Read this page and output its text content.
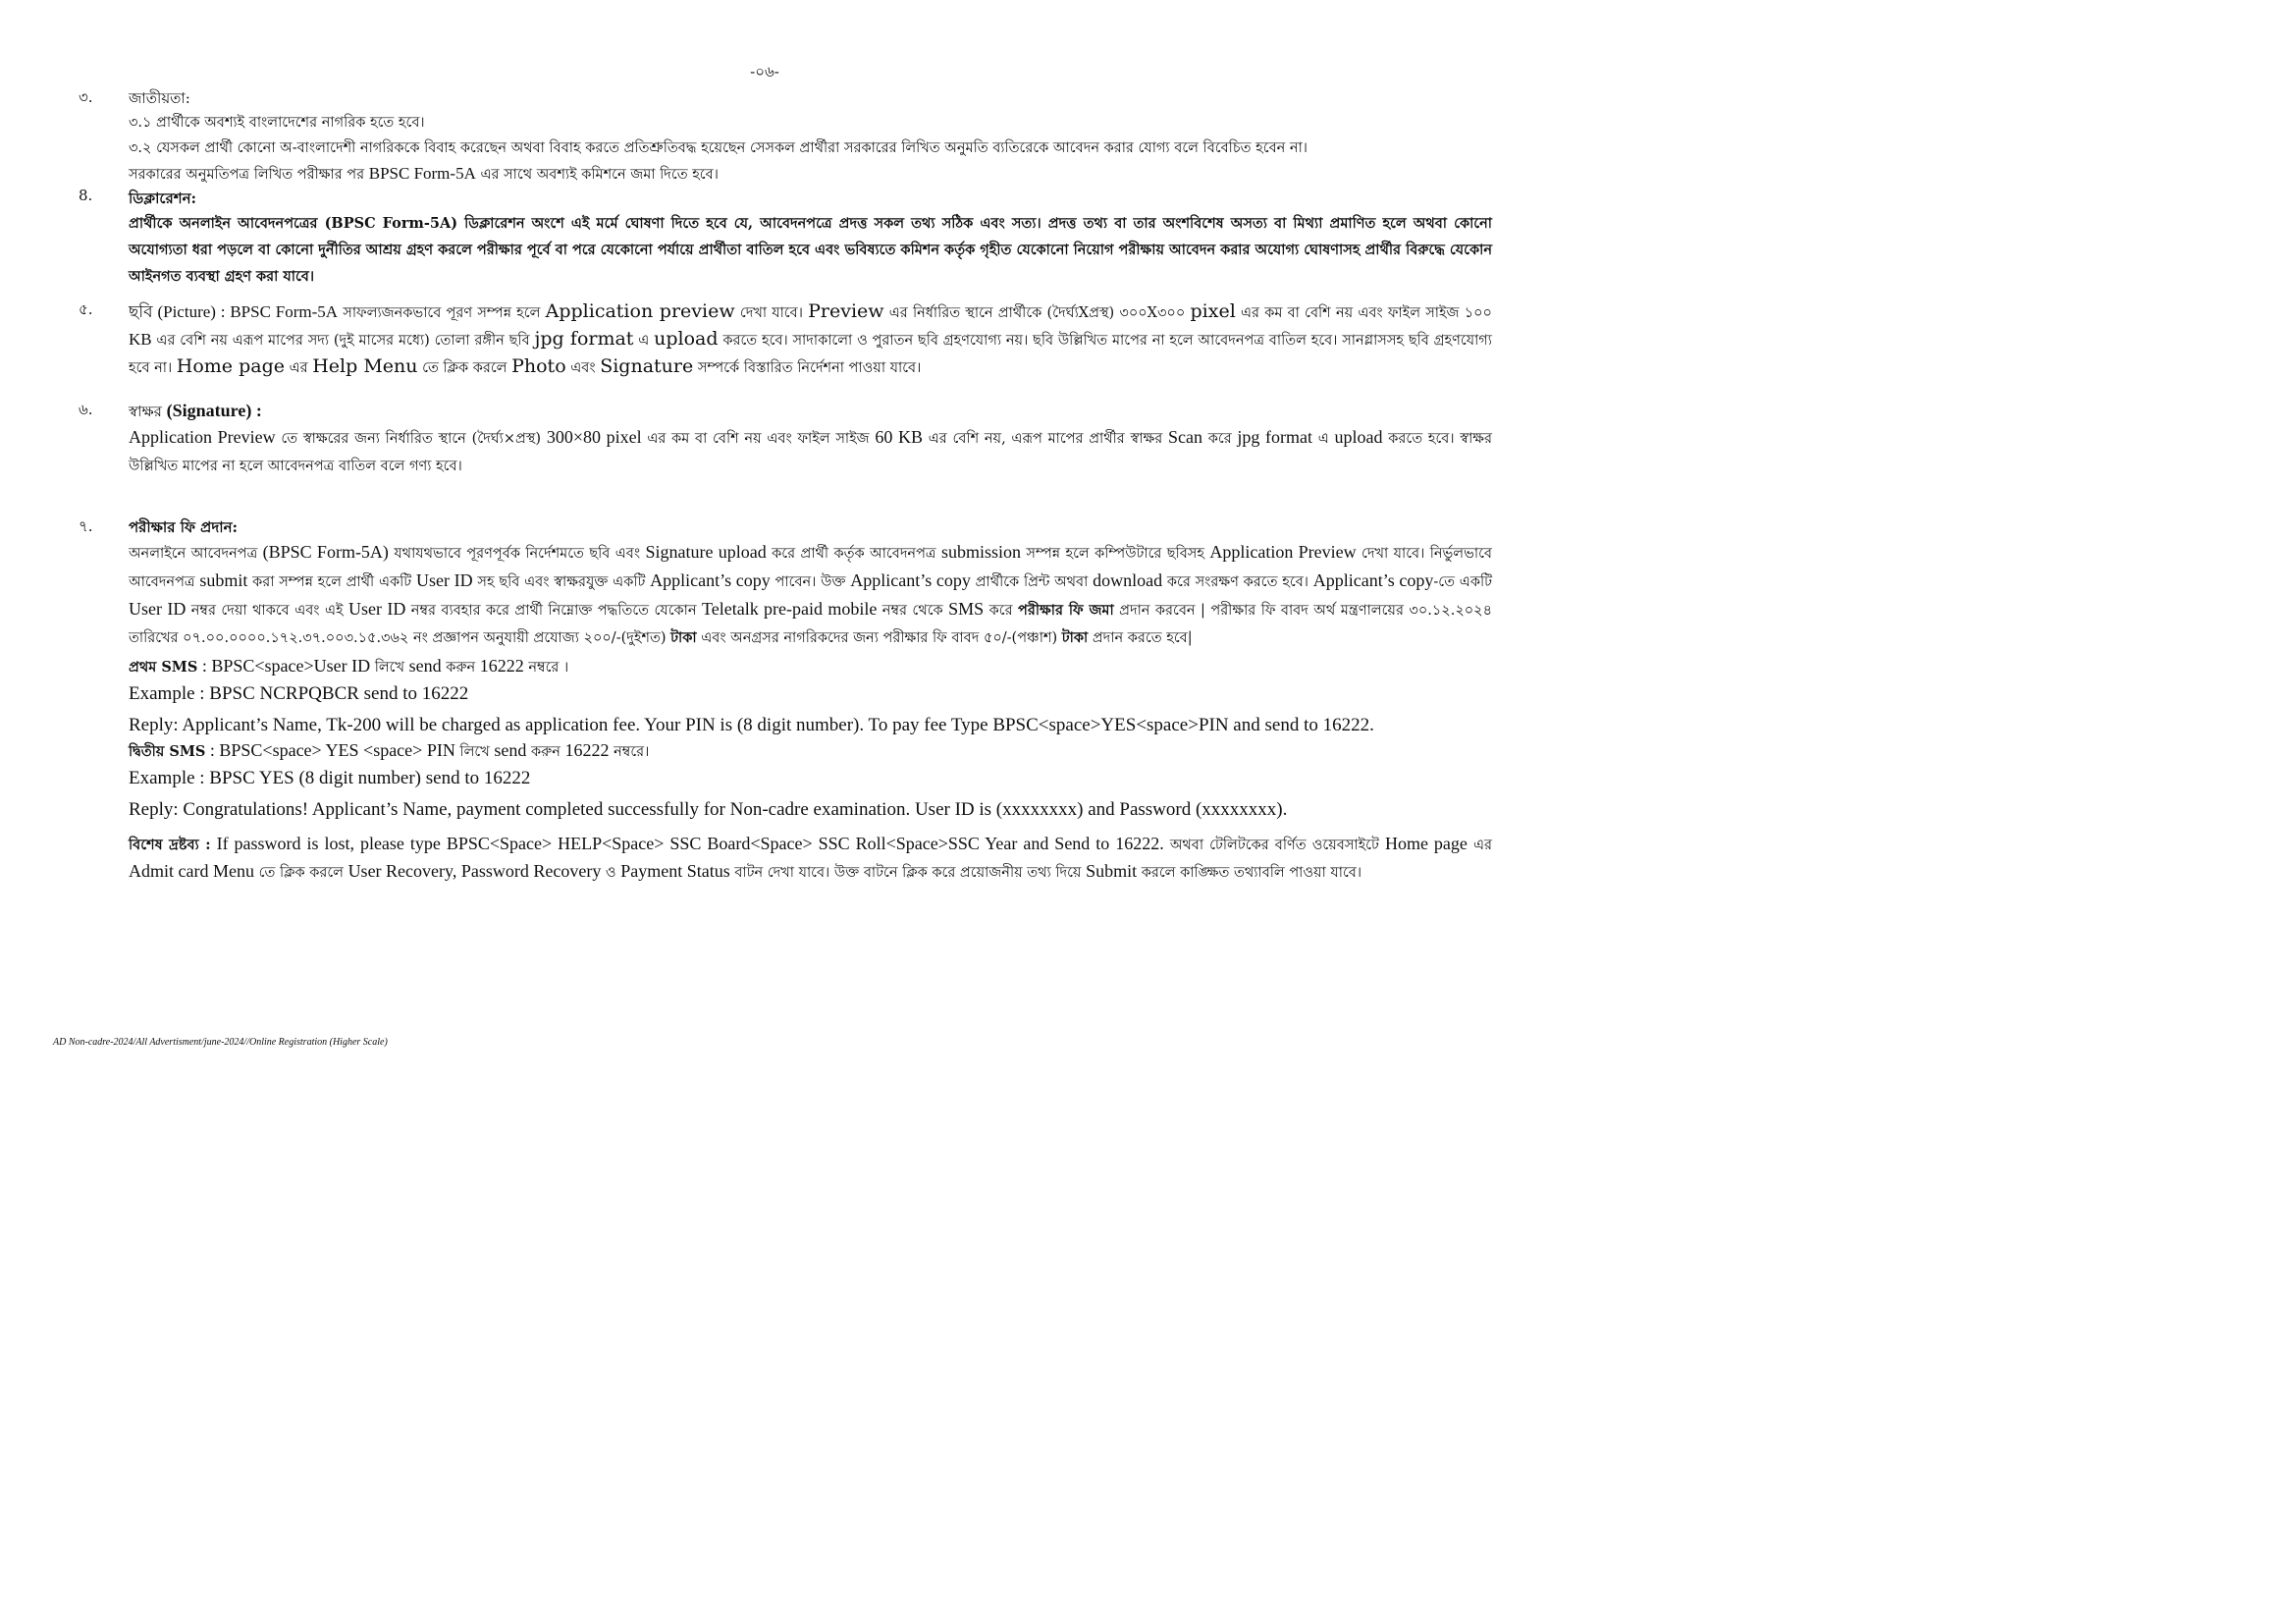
-০৬-
৩. জাতীয়তা:

৩.১ প্রার্থীকে অবশ্যই বাংলাদেশের নাগরিক হতে হবে।

৩.২ যেসকল প্রার্থী কোনো অ-বাংলাদেশী নাগরিককে বিবাহ করেছেন অথবা বিবাহ করতে প্রতিশ্রুতিবদ্ধ হয়েছেন সেসকল প্রার্থীরা সরকারের লিখিত অনুমতি ব্যতিরেকে আবেদন করার যোগ্য বলে বিবেচিত হবেন না।

সরকারের অনুমতিপত্র লিখিত পরীক্ষার পর BPSC Form-5A এর সাথে অবশ্যই কমিশনে জমা দিতে হবে।

8. ডিক্লারেশন:

প্রার্থীকে অনলাইন আবেদনপত্রের (BPSC Form-5A) ডিক্লারেশন অংশে এই মর্মে ঘোষণা দিতে হবে যে, আবেদনপত্রে প্রদত্ত সকল তথ্য সঠিক এবং সত্য। প্রদত্ত তথ্য বা তার অংশবিশেষ অসত্য বা মিথ্যা প্রমাণিত হলে অথবা কোনো অযোগ্যতা ধরা পড়লে বা কোনো দুর্নীতির আশ্রয় গ্রহণ করলে পরীক্ষার পূর্বে বা পরে যেকোনো পর্যায়ে প্রার্থীতা বাতিল হবে এবং ভবিষ্যতে কমিশন কর্তৃক গৃহীত যেকোনো নিয়োগ পরীক্ষায় আবেদন করার অযোগ্য ঘোষণাসহ প্রার্থীর বিরুদ্ধে যেকোন আইনগত ব্যবস্থা গ্রহণ করা যাবে।

৫. ছবি (Picture) : BPSC Form-5A সাফল্যজনকভাবে পূরণ সম্পন্ন হলে Application preview দেখা যাবে। Preview এর নির্ধারিত স্থানে প্রার্থীকে (দৈর্ঘ্যXপ্রস্থ) ৩০০X৩০০ pixel এর কম বা বেশি নয় এবং ফাইল সাইজ ১০০ KB এর বেশি নয় এরূপ মাপের সদ্য (দুই মাসের মধ্যে) তোলা রঙ্গীন ছবি jpg format এ upload করতে হবে। সাদাকালো ও পুরাতন ছবি গ্রহণযোগ্য নয়। ছবি উল্লিখিত মাপের না হলে আবেদনপত্র বাতিল হবে। সানগ্লাসসহ ছবি গ্রহণযোগ্য হবে না। Home page এর Help Menu তে ক্লিক করলে Photo এবং Signature সম্পর্কে বিস্তারিত নির্দেশনা পাওয়া যাবে।

৬. স্বাক্ষর (Signature) :

Application Preview তে স্বাক্ষরের জন্য নির্ধারিত স্থানে (দৈর্ঘ্য×প্রস্থ) 300×80 pixel এর কম বা বেশি নয় এবং ফাইল সাইজ 60 KB এর বেশি নয়, এরূপ মাপের প্রার্থীর স্বাক্ষর Scan করে jpg format এ upload করতে হবে। স্বাক্ষর উল্লিখিত মাপের না হলে আবেদনপত্র বাতিল বলে গণ্য হবে।

৭. পরীক্ষার ফি প্রদান:

অনলাইনে আবেদনপত্র (BPSC Form-5A) যথাযথভাবে পূরণপূর্বক নির্দেশমতে ছবি এবং Signature upload করে প্রার্থী কর্তৃক আবেদনপত্র submission সম্পন্ন হলে কম্পিউটারে ছবিসহ Application Preview দেখা যাবে। নির্ভুলভাবে আবেদনপত্র submit করা সম্পন্ন হলে প্রার্থী একটি User ID সহ ছবি এবং স্বাক্ষরযুক্ত একটি Applicant’s copy পাবেন। উক্ত Applicant’s copy প্রার্থীকে প্রিন্ট অথবা download করে সংরক্ষণ করতে হবে। Applicant’s copy-তে একটি User ID নম্বর দেয়া থাকবে এবং এই User ID নম্বর ব্যবহার করে প্রার্থী নিম্নোক্ত পদ্ধতিতে যেকোন Teletalk pre-paid mobile নম্বর থেকে SMS করে পরীক্ষার ফি জমা প্রদান করবেন | পরীক্ষার ফি বাবদ অর্থ মন্ত্রণালয়ের ৩০.১২.২০২৪ তারিখের ০৭.০০.০০০০.১৭২.৩৭.০০৩.১৫.৩৬২ নং প্রজ্ঞাপন অনুযায়ী প্রযোজ্য ২০০/-(দুইশত) টাকা এবং অনগ্রসর নাগরিকদের জন্য পরীক্ষার ফি বাবদ ৫০/-(পঞ্চাশ) টাকা প্রদান করতে হবে|

প্রথম SMS : BPSC<space>User ID লিখে send করুন 16222 নম্বরে ।

Example : BPSC NCRPQBCR send to 16222

Reply: Applicant’s Name, Tk-200 will be charged as application fee. Your PIN is (8 digit number). To pay fee Type BPSC<space>YES<space>PIN and send to 16222.

দ্বিতীয় SMS : BPSC<space> YES <space> PIN লিখে send করুন 16222 নম্বরে।

Example : BPSC YES (8 digit number) send to 16222

Reply: Congratulations! Applicant’s Name, payment completed successfully for Non-cadre examination. User ID is (xxxxxxxx) and Password (xxxxxxxx).

বিশেষ দ্রষ্টব্য : If password is lost, please type BPSC<Space> HELP<Space> SSC Board<Space> SSC Roll<Space>SSC Year and Send to 16222. অথবা টেলিটকের বর্ণিত ওয়েবসাইটে Home page এর Admit card Menu তে ক্লিক করলে User Recovery, Password Recovery ও Payment Status বাটন দেখা যাবে। উক্ত বাটনে ক্লিক করে প্রয়োজনীয় তথ্য দিয়ে Submit করলে কাঙ্ক্ষিত তথ্যাবলি পাওয়া যাবে।

AD Non-cadre-2024/All Advertisment/june-2024//Online Registration (Higher Scale)
